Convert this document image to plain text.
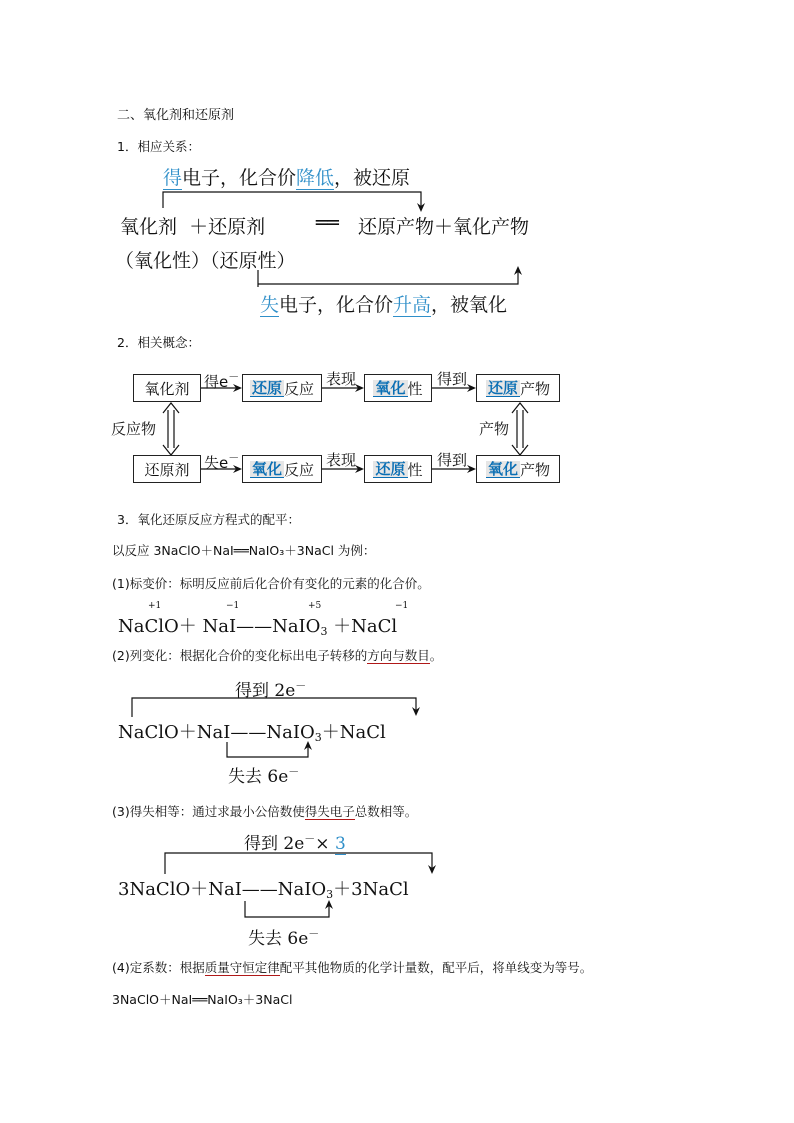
二、氧化剂和还原剂
1．相应关系：
得电子，化合价降低，被还原
氧化剂 ＋还原剂	══ 还原产物＋氧化产物
（氧化性）（还原性）
失电子，化合价升高，被氧化
2．相关概念：
氧化剂 得e－
还原 反应
表现 氧化 性
得到 还原 产物
反应物	产物
还原剂 失e－
氧化 反应
表现 还原 性
得到 氧化 产物
3．氧化还原反应方程式的配平：
以反应 3NaClO＋NaI══NaIO₃＋3NaCl 为例：
(1)标变价：标明反应前后化合价有变化的元素的化合价。
+1	−1	+5	−1
NaClO＋ NaI——NaIO$_3$ ＋NaCl
(2)列变化：根据化合价的变化标出电子转移的方向与数目。
得到 2e－
NaClO＋NaI——NaIO$_3$＋NaCl
失去 6e－
(3)得失相等：通过求最小公倍数使得失电子总数相等。
得到 2e－× 3
3NaClO＋NaI——NaIO$_3$＋3NaCl
失去 6e－
(4)定系数：根据质量守恒定律配平其他物质的化学计量数，配平后，将单线变为等号。
3NaClO＋NaI══NaIO₃＋3NaCl
